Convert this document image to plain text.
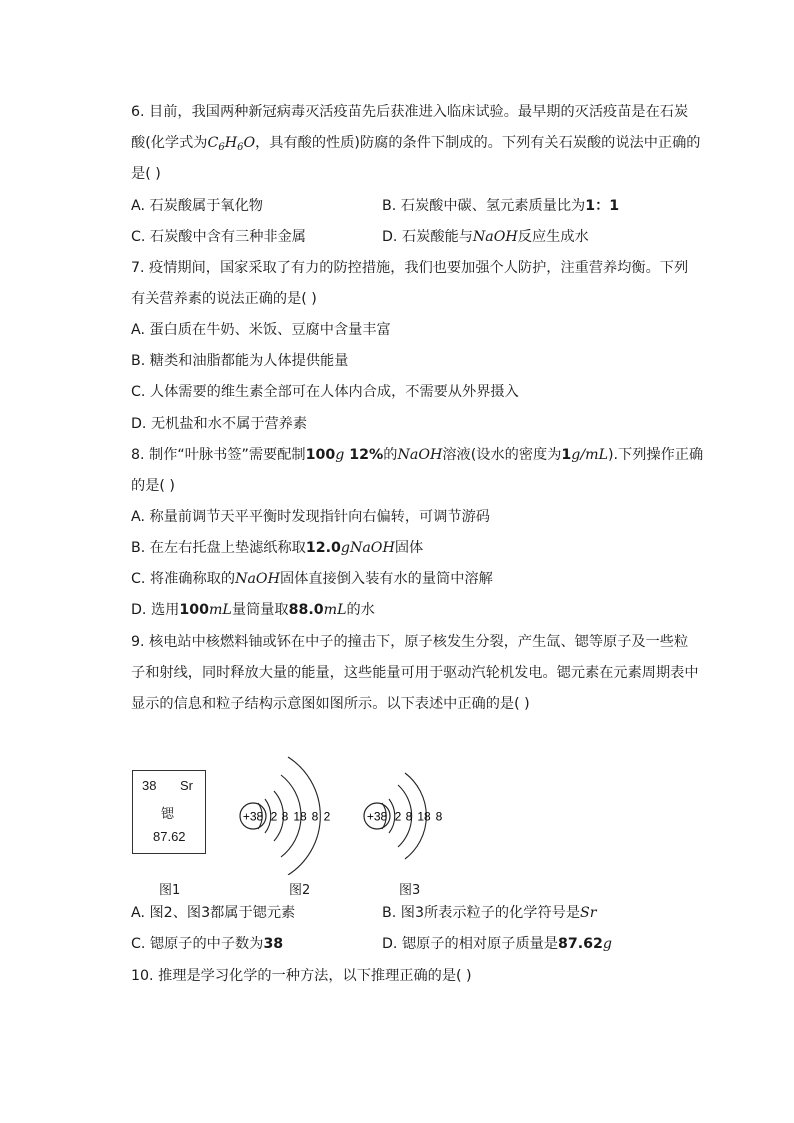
6. 目前，我国两种新冠病毒灭活疫苗先后获准进入临床试验。最早期的灭活疫苗是在石炭
酸(化学式为$C_6H_6O$，具有酸的性质)防腐的条件下制成的。下列有关石炭酸的说法中正确的
是( )
A. 石炭酸属于氧化物	B. 石炭酸中碳、氢元素质量比为1：1
C. 石炭酸中含有三种非金属	D. 石炭酸能与NaOH反应生成水
7. 疫情期间，国家采取了有力的防控措施，我们也要加强个人防护，注重营养均衡。下列
有关营养素的说法正确的是( )
A. 蛋白质在牛奶、米饭、豆腐中含量丰富
B. 糖类和油脂都能为人体提供能量
C. 人体需要的维生素全部可在人体内合成，不需要从外界摄入
D. 无机盐和水不属于营养素
8. 制作“叶脉书签”需要配制100g 12%的NaOH溶液(设水的密度为1g/mL).下列操作正确
的是( )
A. 称量前调节天平平衡时发现指针向右偏转，可调节游码
B. 在左右托盘上垫滤纸称取12.0gNaOH固体
C. 将准确称取的NaOH固体直接倒入装有水的量筒中溶解
D. 选用100mL量筒量取88.0mL的水
9. 核电站中核燃料铀或钚在中子的撞击下，原子核发生分裂，产生氙、锶等原子及一些粒
子和射线，同时释放大量的能量，这些能量可用于驱动汽轮机发电。锶元素在元素周期表中
显示的信息和粒子结构示意图如图所示。以下表述中正确的是( )
38 Sr
锶
87.62
+38 2 8 18 8 2	+38 2 8 18 8
图1	图2	图3
A. 图2、图3都属于锶元素	B. 图3所表示粒子的化学符号是Sr
C. 锶原子的中子数为38	D. 锶原子的相对原子质量是87.62g
10. 推理是学习化学的一种方法，以下推理正确的是( )
